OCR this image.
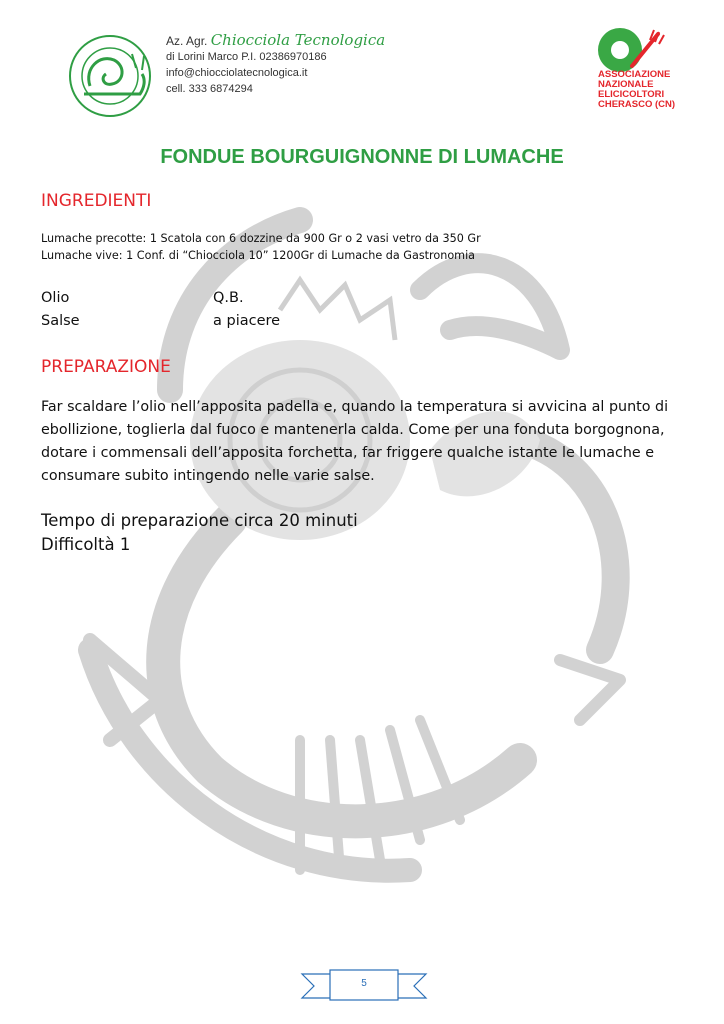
Az. Agr. Chiocciola Tecnologica
di Lorini Marco P.I. 02386970186
info@chiocciolatecnologica.it
cell. 333 6874294
ASSOCIAZIONE
NAZIONALE
ELICICOLTORI
CHERASCO (CN)
FONDUE BOURGUIGNONNE DI LUMACHE
INGREDIENTI
Lumache precotte: 1 Scatola con 6 dozzine da 900 Gr o 2 vasi vetro da 350 Gr
Lumache vive: 1 Conf. di “Chiocciola 10” 1200Gr di Lumache da Gastronomia
Olio	Q.B.
Salse	a piacere
PREPARAZIONE
Far scaldare l’olio nell’apposita padella e, quando la temperatura si avvicina al punto di ebollizione, toglierla dal fuoco e mantenerla calda. Come per una fonduta borgognona, dotare i commensali dell’apposita forchetta, far friggere qualche istante le lumache e consumare subito intingendo nelle varie salse.
Tempo di preparazione circa 20 minuti
Difficoltà 1
5
